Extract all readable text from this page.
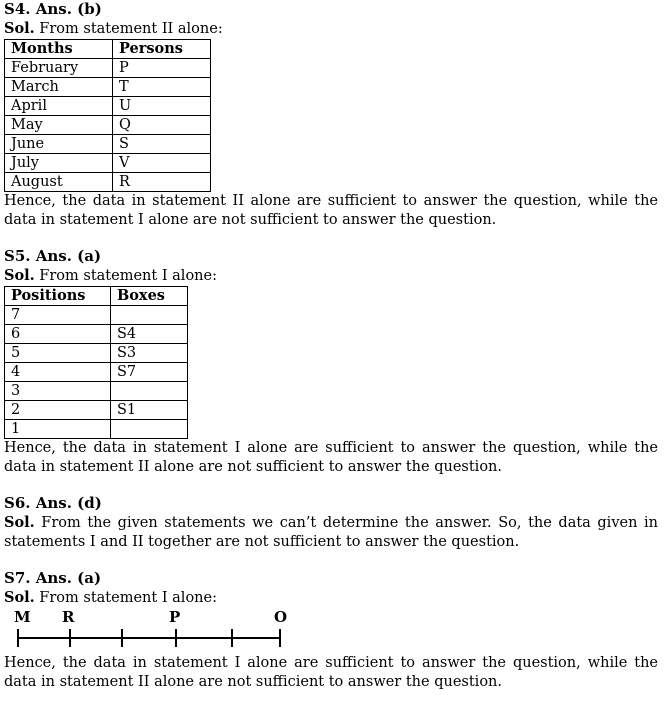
S4. Ans. (b)

Sol. From statement II alone:

Months	Persons
February	P
March	T
April	U
May	Q
June	S
July	V
August	R

Hence, the data in statement II alone are sufficient to answer the question, while the data in statement I alone are not sufficient to answer the question.

S5. Ans. (a)

Sol. From statement I alone:

Positions	Boxes
7	
6	S4
5	S3
4	S7
3	
2	S1
1	

Hence, the data in statement I alone are sufficient to answer the question, while the data in statement II alone are not sufficient to answer the question.

S6. Ans. (d)

Sol. From the given statements we can’t determine the answer. So, the data given in statements I and II together are not sufficient to answer the question.

S7. Ans. (a)

Sol. From statement I alone:

M R	P	O

Hence, the data in statement I alone are sufficient to answer the question, while the data in statement II alone are not sufficient to answer the question.
